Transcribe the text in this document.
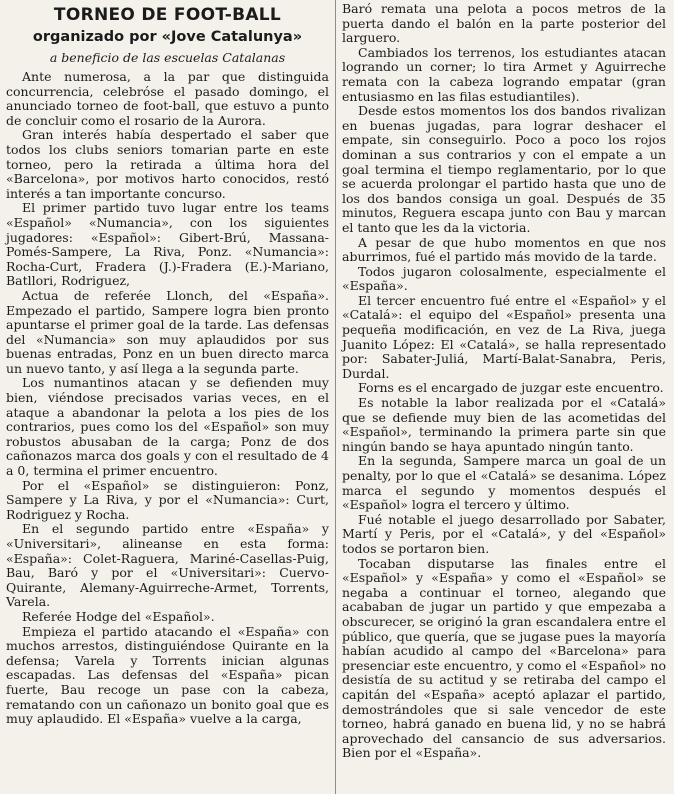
TORNEO DE FOOT-BALL
organizado por «Jove Catalunya»
a beneficio de las escuelas Catalanas

Ante numerosa, a la par que distinguida concurrencia, celebróse el pasado domingo, el anunciado torneo de foot-ball, que estuvo a punto de concluir como el rosario de la Aurora.

Gran interés había despertado el saber que todos los clubs seniors tomarian parte en este torneo, pero la retirada a última hora del «Barcelona», por motivos harto conocidos, restó interés a tan importante concurso.

El primer partido tuvo lugar entre los teams «Español» «Numancia», con los siguientes jugadores: «Español»: Gibert-Brú, Massana-Pomés-Sampere, La Riva, Ponz. «Numancia»: Rocha-Curt, Fradera (J.)-Fradera (E.)-Mariano, Batllori, Rodriguez,

Actua de referée Llonch, del «España». Empezado el partido, Sampere logra bien pronto apuntarse el primer goal de la tarde. Las defensas del «Numancia» son muy aplaudidos por sus buenas entradas, Ponz en un buen directo marca un nuevo tanto, y así llega a la segunda parte.

Los numantinos atacan y se defienden muy bien, viéndose precisados varias veces, en el ataque a abandonar la pelota a los pies de los contrarios, pues como los del «Español» son muy robustos abusaban de la carga; Ponz de dos cañonazos marca dos goals y con el resultado de 4 a 0, termina el primer encuentro.

Por el «Español» se distinguieron: Ponz, Sampere y La Riva, y por el «Numancia»: Curt, Rodriguez y Rocha.

En el segundo partido entre «España» y «Universitari», alineanse en esta forma: «España»: Colet-Raguera, Mariné-Casellas-Puig, Bau, Baró y por el «Universitari»: Cuervo-Quirante, Alemany-Aguirreche-Armet, Torrents, Varela.

Referée Hodge del «Español».

Empieza el partido atacando el «España» con muchos arrestos, distinguiéndose Quirante en la defensa; Varela y Torrents inician algunas escapadas. Las defensas del «España» pican fuerte, Bau recoge un pase con la cabeza, rematando con un cañonazo un bonito goal que es muy aplaudido. El «España» vuelve a la carga,

Baró remata una pelota a pocos metros de la puerta dando el balón en la parte posterior del larguero.

Cambiados los terrenos, los estudiantes atacan logrando un corner; lo tira Armet y Aguirreche remata con la cabeza logrando empatar (gran entusiasmo en las filas estudiantiles).

Desde estos momentos los dos bandos rivalizan en buenas jugadas, para lograr deshacer el empate, sin conseguirlo. Poco a poco los rojos dominan a sus contrarios y con el empate a un goal termina el tiempo reglamentario, por lo que se acuerda prolongar el partido hasta que uno de los dos bandos consiga un goal. Después de 35 minutos, Reguera escapa junto con Bau y marcan el tanto que les da la victoria.

A pesar de que hubo momentos en que nos aburrimos, fué el partido más movido de la tarde.

Todos jugaron colosalmente, especialmente el «España».

El tercer encuentro fué entre el «Español» y el «Catalá»: el equipo del «Español» presenta una pequeña modificación, en vez de La Riva, juega Juanito López: El «Catalá», se halla representado por: Sabater-Juliá, Martí-Balat-Sanabra, Peris, Durdal.

Forns es el encargado de juzgar este encuentro.

Es notable la labor realizada por el «Catalá» que se defiende muy bien de las acometidas del «Español», terminando la primera parte sin que ningún bando se haya apuntado ningún tanto.

En la segunda, Sampere marca un goal de un penalty, por lo que el «Catalá» se desanima. López marca el segundo y momentos después el «Español» logra el tercero y último.

Fué notable el juego desarrollado por Sabater, Martí y Peris, por el «Catalá», y del «Español» todos se portaron bien.

Tocaban disputarse las finales entre el «Español» y «España» y como el «Español» se negaba a continuar el torneo, alegando que acababan de jugar un partido y que empezaba a obscurecer, se originó la gran escandalera entre el público, que quería, que se jugase pues la mayoría habían acudido al campo del «Barcelona» para presenciar este encuentro, y como el «Español» no desistía de su actitud y se retiraba del campo el capitán del «España» aceptó aplazar el partido, demostrándoles que si sale vencedor de este torneo, habrá ganado en buena lid, y no se habrá aprovechado del cansancio de sus adversarios. Bien por el «España».
